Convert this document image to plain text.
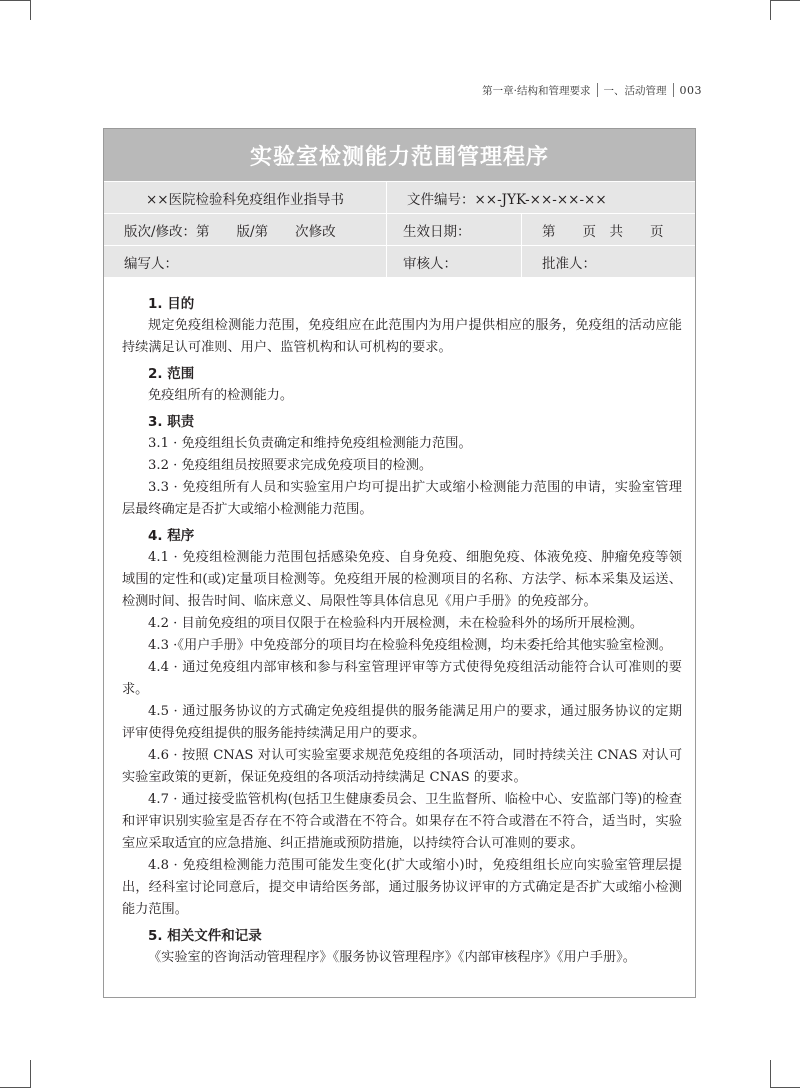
第一章·结构和管理要求 一、活动管理 003
实验室检测能力范围管理程序
××医院检验科免疫组作业指导书	文件编号：××-JYK-××-××-××
版次/修改：第　　版/第　　次修改	生效日期：	第　　页　共　　页
编写人：	审核人：	批准人：
1. 目的
规定免疫组检测能力范围，免疫组应在此范围内为用户提供相应的服务，免疫组的活动应能持续满足认可准则、用户、监管机构和认可机构的要求。
2. 范围
免疫组所有的检测能力。
3. 职责
3.1 · 免疫组组长负责确定和维持免疫组检测能力范围。
3.2 · 免疫组组员按照要求完成免疫项目的检测。
3.3 · 免疫组所有人员和实验室用户均可提出扩大或缩小检测能力范围的申请，实验室管理层最终确定是否扩大或缩小检测能力范围。
4. 程序
4.1 · 免疫组检测能力范围包括感染免疫、自身免疫、细胞免疫、体液免疫、肿瘤免疫等领域围的定性和(或)定量项目检测等。免疫组开展的检测项目的名称、方法学、标本采集及运送、检测时间、报告时间、临床意义、局限性等具体信息见《用户手册》的免疫部分。
4.2 · 目前免疫组的项目仅限于在检验科内开展检测，未在检验科外的场所开展检测。
4.3 ·《用户手册》中免疫部分的项目均在检验科免疫组检测，均未委托给其他实验室检测。
4.4 · 通过免疫组内部审核和参与科室管理评审等方式使得免疫组活动能符合认可准则的要求。
4.5 · 通过服务协议的方式确定免疫组提供的服务能满足用户的要求，通过服务协议的定期评审使得免疫组提供的服务能持续满足用户的要求。
4.6 · 按照 CNAS 对认可实验室要求规范免疫组的各项活动，同时持续关注 CNAS 对认可实验室政策的更新，保证免疫组的各项活动持续满足 CNAS 的要求。
4.7 · 通过接受监管机构(包括卫生健康委员会、卫生监督所、临检中心、安监部门等)的检查和评审识别实验室是否存在不符合或潜在不符合。如果存在不符合或潜在不符合，适当时，实验室应采取适宜的应急措施、纠正措施或预防措施，以持续符合认可准则的要求。
4.8 · 免疫组检测能力范围可能发生变化(扩大或缩小)时，免疫组组长应向实验室管理层提出，经科室讨论同意后，提交申请给医务部，通过服务协议评审的方式确定是否扩大或缩小检测能力范围。
5. 相关文件和记录
《实验室的咨询活动管理程序》《服务协议管理程序》《内部审核程序》《用户手册》。
